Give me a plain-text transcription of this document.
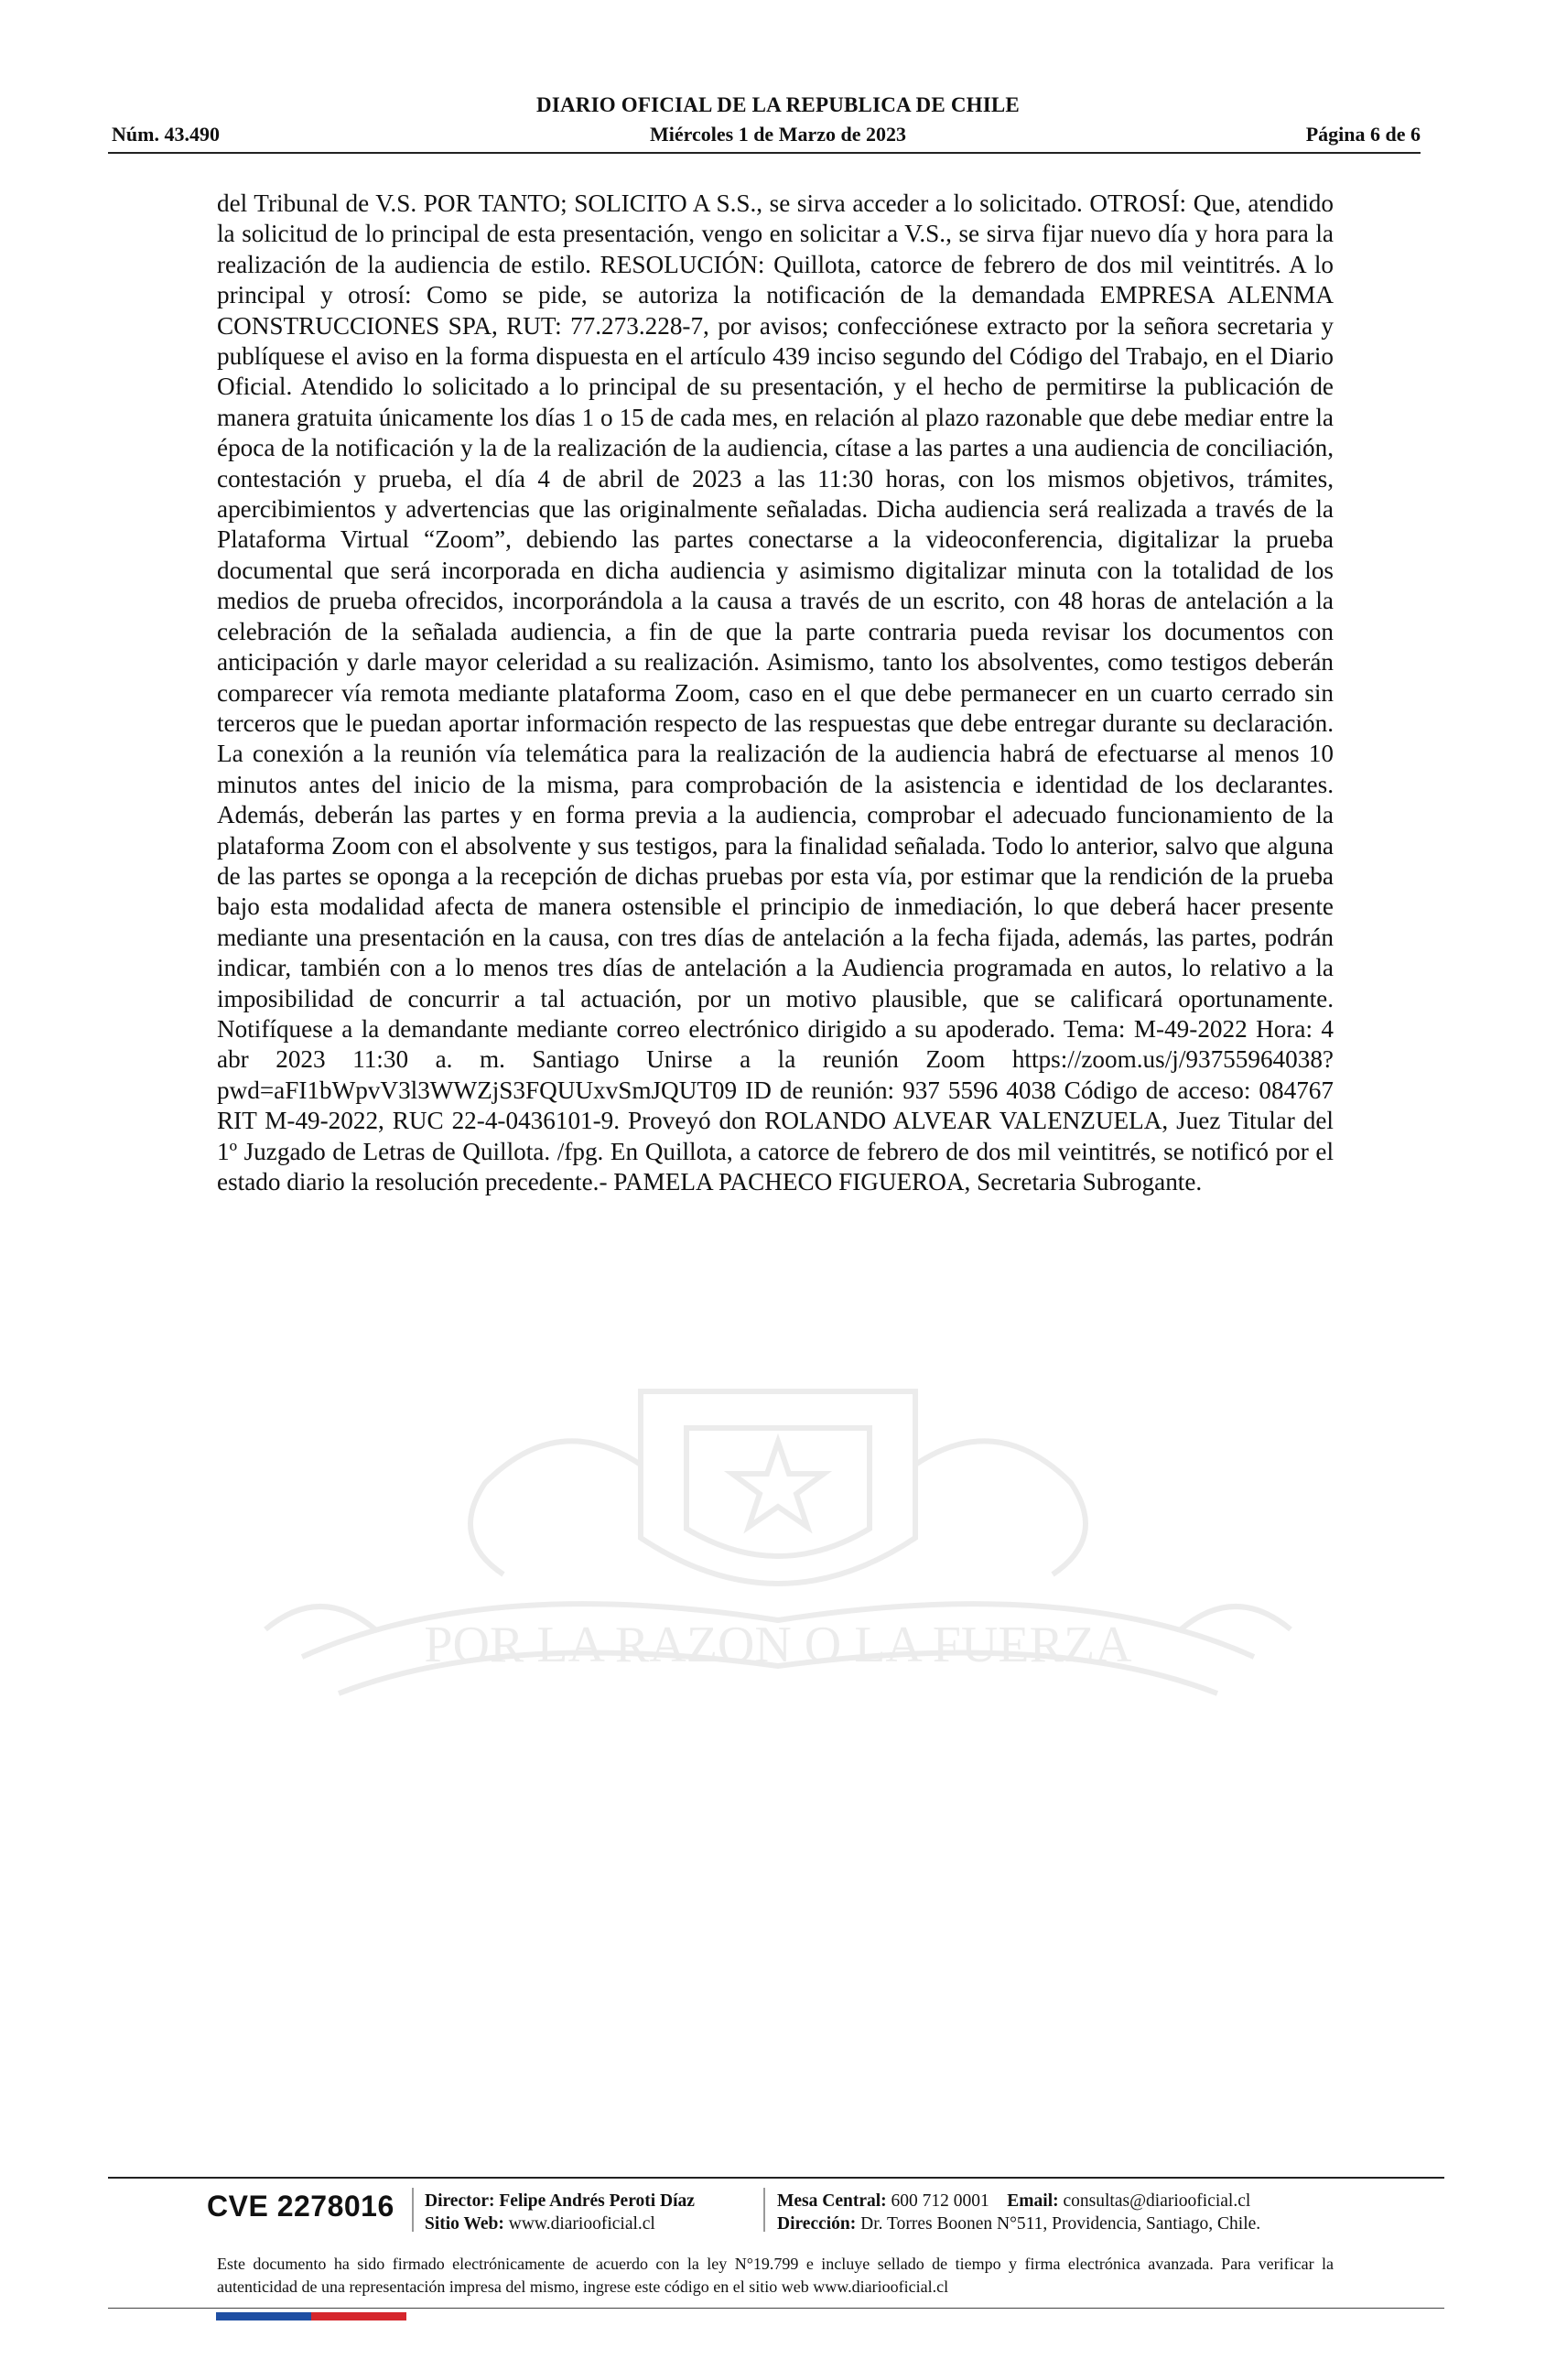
DIARIO OFICIAL DE LA REPUBLICA DE CHILE
Núm. 43.490	Miércoles 1 de Marzo de 2023	Página 6 de 6
POR LA RAZON O LA FUERZA

del Tribunal de V.S. POR TANTO; SOLICITO A S.S., se sirva acceder a lo solicitado. OTROSÍ: Que, atendido la solicitud de lo principal de esta presentación, vengo en solicitar a V.S., se sirva fijar nuevo día y hora para la realización de la audiencia de estilo. RESOLUCIÓN: Quillota, catorce de febrero de dos mil veintitrés. A lo principal y otrosí: Como se pide, se autoriza la notificación de la demandada EMPRESA ALENMA CONSTRUCCIONES SPA, RUT: 77.273.228-7, por avisos; confecciónese extracto por la señora secretaria y publíquese el aviso en la forma dispuesta en el artículo 439 inciso segundo del Código del Trabajo, en el Diario Oficial. Atendido lo solicitado a lo principal de su presentación, y el hecho de permitirse la publicación de manera gratuita únicamente los días 1 o 15 de cada mes, en relación al plazo razonable que debe mediar entre la época de la notificación y la de la realización de la audiencia, cítase a las partes a una audiencia de conciliación, contestación y prueba, el día 4 de abril de 2023 a las 11:30 horas, con los mismos objetivos, trámites, apercibimientos y advertencias que las originalmente señaladas. Dicha audiencia será realizada a través de la Plataforma Virtual “Zoom”, debiendo las partes conectarse a la videoconferencia, digitalizar la prueba documental que será incorporada en dicha audiencia y asimismo digitalizar minuta con la totalidad de los medios de prueba ofrecidos, incorporándola a la causa a través de un escrito, con 48 horas de antelación a la celebración de la señalada audiencia, a fin de que la parte contraria pueda revisar los documentos con anticipación y darle mayor celeridad a su realización. Asimismo, tanto los absolventes, como testigos deberán comparecer vía remota mediante plataforma Zoom, caso en el que debe permanecer en un cuarto cerrado sin terceros que le puedan aportar información respecto de las respuestas que debe entregar durante su declaración. La conexión a la reunión vía telemática para la realización de la audiencia habrá de efectuarse al menos 10 minutos antes del inicio de la misma, para comprobación de la asistencia e identidad de los declarantes. Además, deberán las partes y en forma previa a la audiencia, comprobar el adecuado funcionamiento de la plataforma Zoom con el absolvente y sus testigos, para la finalidad señalada. Todo lo anterior, salvo que alguna de las partes se oponga a la recepción de dichas pruebas por esta vía, por estimar que la rendición de la prueba bajo esta modalidad afecta de manera ostensible el principio de inmediación, lo que deberá hacer presente mediante una presentación en la causa, con tres días de antelación a la fecha fijada, además, las partes, podrán indicar, también con a lo menos tres días de antelación a la Audiencia programada en autos, lo relativo a la imposibilidad de concurrir a tal actuación, por un motivo plausible, que se calificará oportunamente. Notifíquese a la demandante mediante correo electrónico dirigido a su apoderado. Tema: M-49-2022 Hora: 4 abr 2023 11:30 a. m. Santiago Unirse a la reunión Zoom https://zoom.us/j/93755964038?pwd=aFI1bWpvV3l3WWZjS3FQUUxvSmJQUT09 ID de reunión: 937 5596 4038 Código de acceso: 084767 RIT M-49-2022, RUC 22-4-0436101-9. Proveyó don ROLANDO ALVEAR VALENZUELA, Juez Titular del 1º Juzgado de Letras de Quillota. /fpg. En Quillota, a catorce de febrero de dos mil veintitrés, se notificó por el estado diario la resolución precedente.- PAMELA PACHECO FIGUEROA, Secretaria Subrogante.

CVE 2278016 Director: Felipe Andrés Peroti Díaz
Sitio Web: www.diariooficial.cl
Mesa Central: 600 712 0001 Email: consultas@diariooficial.cl
Dirección: Dr. Torres Boonen N°511, Providencia, Santiago, Chile.
Este documento ha sido firmado electrónicamente de acuerdo con la ley N°19.799 e incluye sellado de tiempo y firma electrónica avanzada. Para verificar la autenticidad de una representación impresa del mismo, ingrese este código en el sitio web www.diariooficial.cl
